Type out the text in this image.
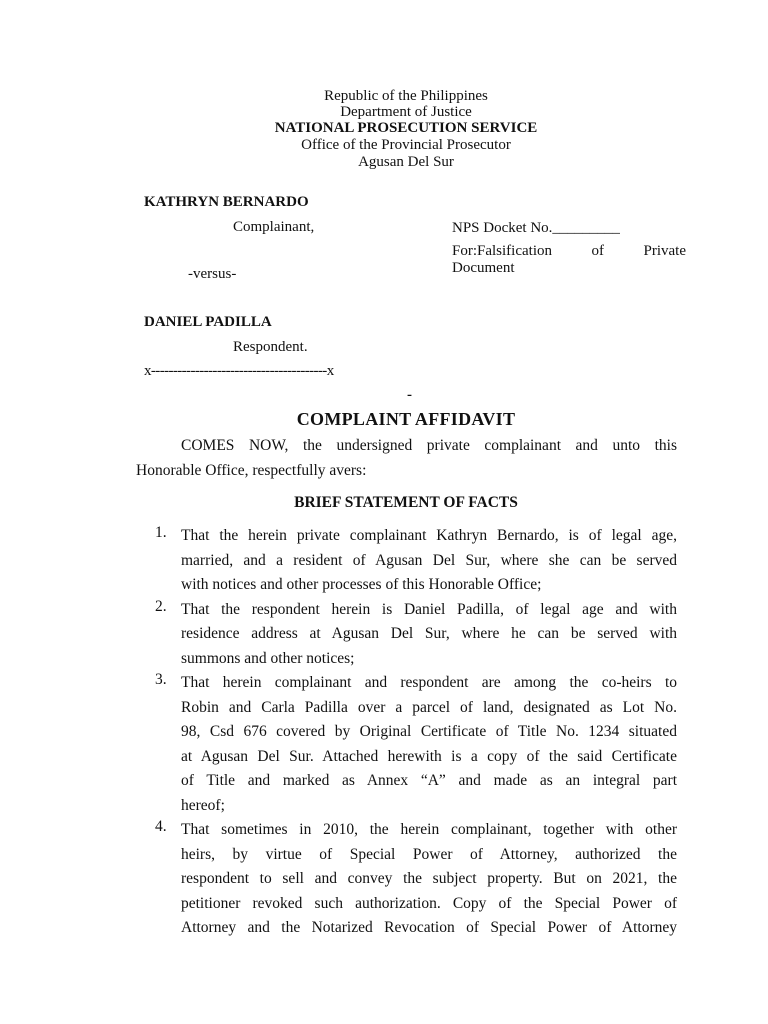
Republic of the Philippines
Department of Justice
NATIONAL PROSECUTION SERVICE
Office of the Provincial Prosecutor
Agusan Del Sur
KATHRYN BERNARDO
Complainant,	NPS Docket No._________
For:Falsification	of	Private
Document
-versus-
DANIEL PADILLA
Respondent.
x----------------------------------------x
-
COMPLAINT AFFIDAVIT
COMES NOW, the undersigned private complainant and unto this
Honorable Office, respectfully avers:
BRIEF STATEMENT OF FACTS
1. That the herein private complainant Kathryn Bernardo, is of legal age,
married, and a resident of Agusan Del Sur, where she can be served
with notices and other processes of this Honorable Office;
2. That the respondent herein is Daniel Padilla, of legal age and with
residence address at Agusan Del Sur, where he can be served with
summons and other notices;
3. That herein complainant and respondent are among the co-heirs to
Robin and Carla Padilla over a parcel of land, designated as Lot No.
98, Csd 676 covered by Original Certificate of Title No. 1234 situated
at Agusan Del Sur. Attached herewith is a copy of the said Certificate
of Title and marked as Annex “A” and made as an integral part
hereof;
4. That sometimes in 2010, the herein complainant, together with other
heirs, by virtue of Special Power of Attorney, authorized the
respondent to sell and convey the subject property. But on 2021, the
petitioner revoked such authorization. Copy of the Special Power of
Attorney and the Notarized Revocation of Special Power of Attorney
